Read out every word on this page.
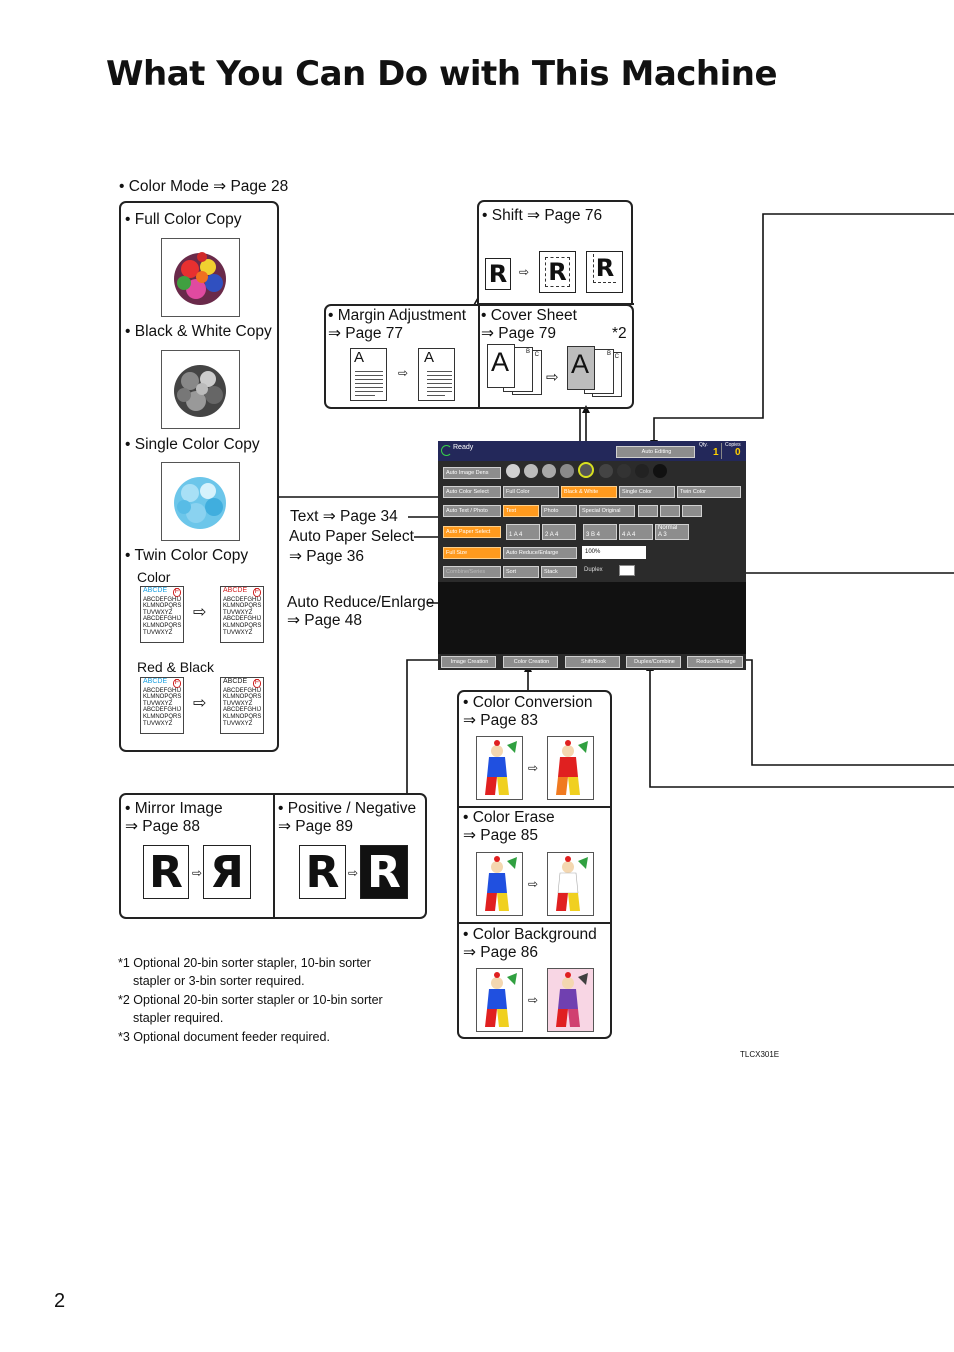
What You Can Do with This Machine
• Color Mode ⇒ Page 28
• Full Color Copy
• Black & White Copy
• Single Color Copy
• Twin Color Copy
Color
Red & Black
ABCDE F
ABCDEFGHIJ
KLMNOPQRS
TUVWXYZ
ABCDEFGHIJ
KLMNOPQRS
TUVWXYZ
⇨
ABCDE F
ABCDEFGHIJ
KLMNOPQRS
TUVWXYZ
ABCDEFGHIJ
KLMNOPQRS
TUVWXYZ
ABCDE F
ABCDEFGHIJ
KLMNOPQRS
TUVWXYZ
ABCDEFGHIJ
KLMNOPQRS
TUVWXYZ
⇨
ABCDE F
ABCDEFGHIJ
KLMNOPQRS
TUVWXYZ
ABCDEFGHIJ
KLMNOPQRS
TUVWXYZ
• Shift ⇒ Page 76
R ⇨ R R
• Margin Adjustment
⇒ Page 77
A
⇨
A
• Cover Sheet
⇒ Page 79	*2
C
B
A
⇨
C
B
A
Text ⇒ Page 34
Auto Paper Select
⇒ Page 36
Auto Reduce/Enlarge
⇒ Page 48
Ready
Auto Editing
Qty.
1
Copies
0
Auto Image Dens
Auto Color Select	Full Color	Black & White	Single Color	Twin Color
Auto Text / Photo	Text	Photo	Special Original
Auto Paper Select	1 A 4	2 A 4	3 B 4	4 A 4
Normal
A 3
Full Size	Auto Reduce/Enlarge	100%
Combine/Series	Sort	Stack	Duplex
Image Creation	Color Creation	Shift/Book	Duplex/Combine	Reduce/Enlarge
• Mirror Image
⇒ Page 88
R ⇨ Я
• Positive / Negative
⇒ Page 89
R ⇨ R
• Color Conversion
⇒ Page 83
• Color Erase
⇒ Page 85
• Color Background
⇒ Page 86
⇨
⇨
⇨
*1 Optional 20-bin sorter stapler, 10-bin sorter
stapler or 3-bin sorter required.
*2 Optional 20-bin sorter stapler or 10-bin sorter
stapler required.
*3 Optional document feeder required.
TLCX301E
2
